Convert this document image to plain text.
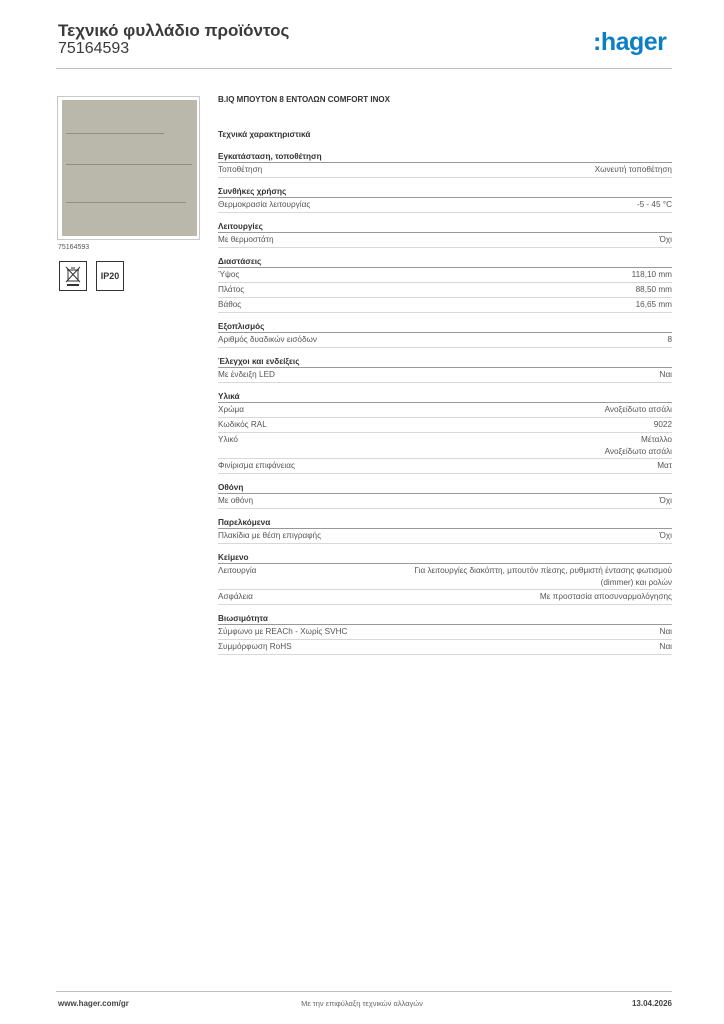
Τεχνικό φυλλάδιο προϊόντος
75164593	:hager
75164593
IP20
B.IQ ΜΠΟΥΤΟΝ 8 ΕΝΤΟΛΩΝ COMFORT INOX
Τεχνικά χαρακτηριστικά
Εγκατάσταση, τοποθέτηση
Τοποθέτηση	Χωνευτή τοποθέτηση
Συνθήκες χρήσης
Θερμοκρασία λειτουργίας	-5 - 45 °C
Λειτουργίες
Με θερμοστάτη	Όχι
Διαστάσεις
Ύψος	118,10 mm
Πλάτος	88,50 mm
Βάθος	16,65 mm
Εξοπλισμός
Αριθμός δυαδικών εισόδων	8
Έλεγχοι και ενδείξεις
Με ένδειξη LED	Ναι
Υλικά
Χρώμα	Ανοξείδωτο ατσάλι
Κωδικός RAL	9022
Υλικό	Μέταλλο
Ανοξείδωτο ατσάλι
Φινίρισμα επιφάνειας	Ματ
Οθόνη
Με οθόνη	Όχι
Παρελκόμενα
Πλακίδια με θέση επιγραφής	Όχι
Κείμενο
Λειτουργία	Για λειτουργίες διακόπτη, μπουτόν πίεσης, ρυθμιστή έντασης φωτισμού
(dimmer) και ρολών
Ασφάλεια	Με προστασία αποσυναρμολόγησης
Βιωσιμότητα
Σύμφωνο με REACh - Χωρίς SVHC	Ναι
Συμμόρφωση RoHS	Ναι
www.hager.com/gr	Με την επιφύλαξη τεχνικών αλλαγών	13.04.2026
